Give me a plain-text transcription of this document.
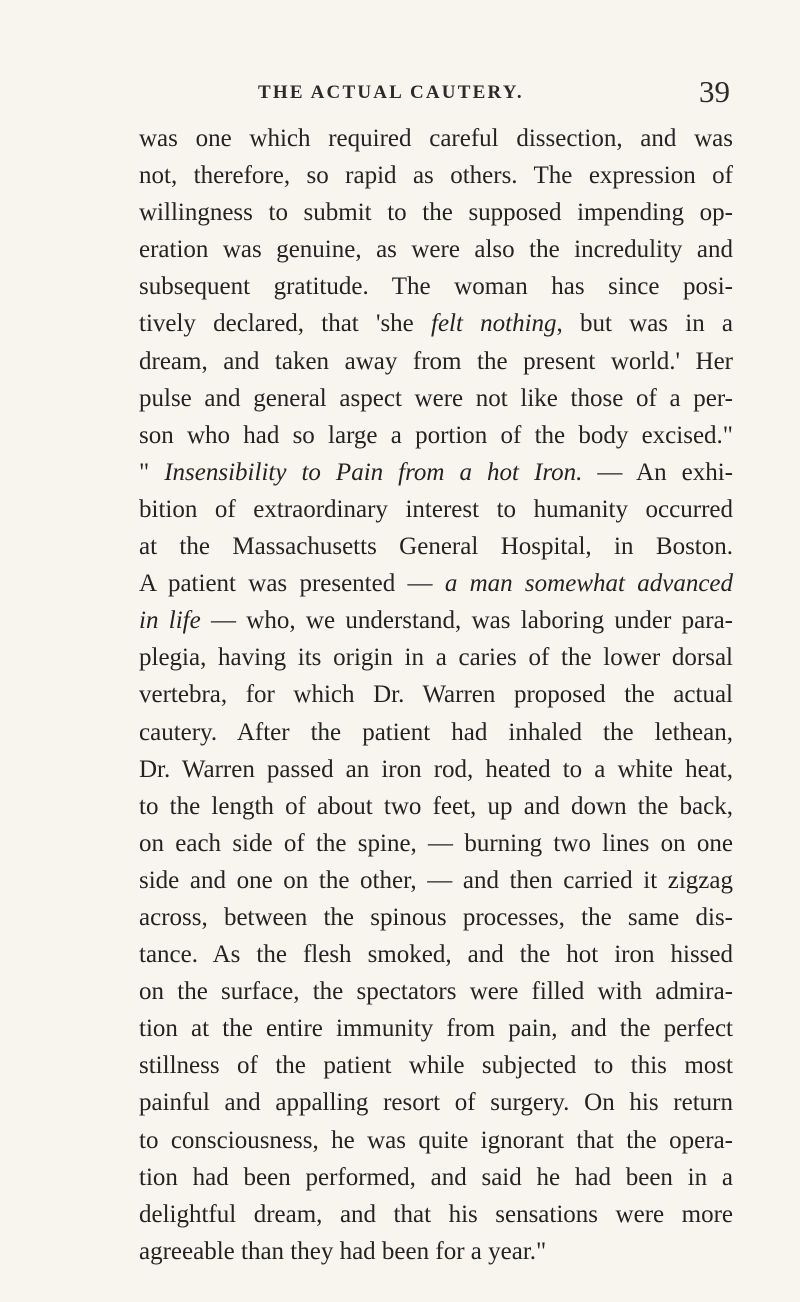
THE ACTUAL CAUTERY.	39
was one which required careful dissection, and was
not, therefore, so rapid as others. The expression of
willingness to submit to the supposed impending op-
eration was genuine, as were also the incredulity and
subsequent gratitude. The woman has since posi-
tively declared, that 'she felt nothing, but was in a
dream, and taken away from the present world.' Her
pulse and general aspect were not like those of a per-
son who had so large a portion of the body excised."
" Insensibility to Pain from a hot Iron. — An exhi-
bition of extraordinary interest to humanity occurred
at the Massachusetts General Hospital, in Boston.
A patient was presented — a man somewhat advanced
in life — who, we understand, was laboring under para-
plegia, having its origin in a caries of the lower dorsal
vertebra, for which Dr. Warren proposed the actual
cautery. After the patient had inhaled the lethean,
Dr. Warren passed an iron rod, heated to a white heat,
to the length of about two feet, up and down the back,
on each side of the spine, — burning two lines on one
side and one on the other, — and then carried it zigzag
across, between the spinous processes, the same dis-
tance. As the flesh smoked, and the hot iron hissed
on the surface, the spectators were filled with admira-
tion at the entire immunity from pain, and the perfect
stillness of the patient while subjected to this most
painful and appalling resort of surgery. On his return
to consciousness, he was quite ignorant that the opera-
tion had been performed, and said he had been in a
delightful dream, and that his sensations were more
agreeable than they had been for a year."
